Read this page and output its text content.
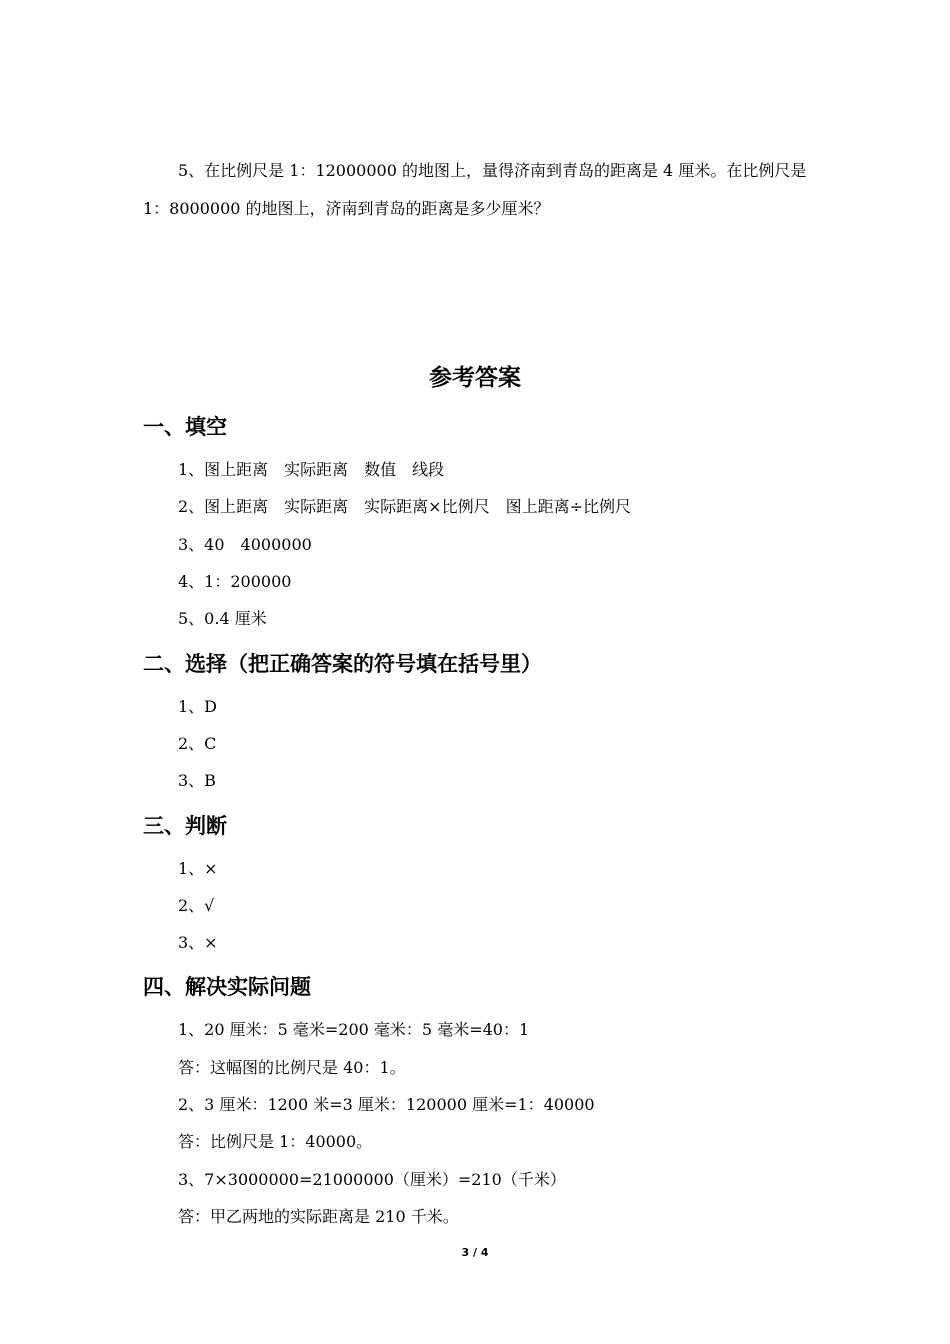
5、在比例尺是 1：12000000 的地图上，量得济南到青岛的距离是 4 厘米。在比例尺是
1：8000000 的地图上，济南到青岛的距离是多少厘米？
参考答案
一、填空
1、图上距离　实际距离　数值　线段
2、图上距离　实际距离　实际距离×比例尺　图上距离÷比例尺
3、40　4000000
4、1：200000
5、0.4 厘米
二、选择（把正确答案的符号填在括号里）
1、D
2、C
3、B
三、判断
1、×
2、√
3、×
四、解决实际问题
1、20 厘米：5 毫米=200 毫米：5 毫米=40：1
答：这幅图的比例尺是 40：1。
2、3 厘米：1200 米=3 厘米：120000 厘米=1：40000
答：比例尺是 1：40000。
3、7×3000000=21000000（厘米）=210（千米）
答：甲乙两地的实际距离是 210 千米。
3 / 4
